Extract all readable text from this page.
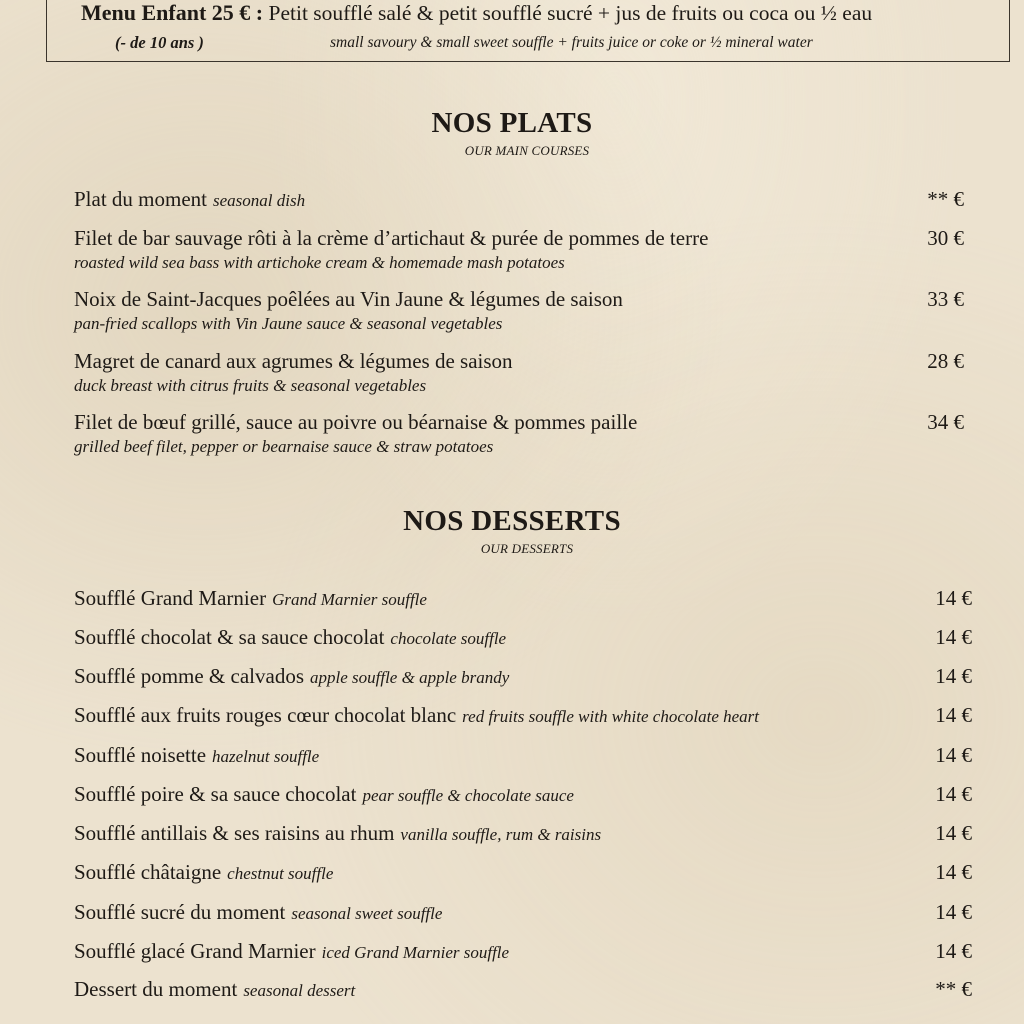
Menu Enfant 25 € : Petit soufflé salé & petit soufflé sucré + jus de fruits ou coca ou ½ eau
(- de 10 ans )	small savoury & small sweet souffle + fruits juice or coke or ½ mineral water
NOS PLATS
OUR MAIN COURSES
Plat du moment seasonal dish	** €
Filet de bar sauvage rôti à la crème d’artichaut & purée de pommes de terre
roasted wild sea bass with artichoke cream & homemade mash potatoes
30 €
Noix de Saint-Jacques poêlées au Vin Jaune & légumes de saison
pan-fried scallops with Vin Jaune sauce & seasonal vegetables
33 €
Magret de canard aux agrumes & légumes de saison
duck breast with citrus fruits & seasonal vegetables
28 €
Filet de bœuf grillé, sauce au poivre ou béarnaise & pommes paille
grilled beef filet, pepper or bearnaise sauce & straw potatoes
34 €
NOS DESSERTS
OUR DESSERTS
Soufflé Grand Marnier Grand Marnier souffle	14 €
Soufflé chocolat & sa sauce chocolat chocolate souffle	14 €
Soufflé pomme & calvados apple souffle & apple brandy	14 €
Soufflé aux fruits rouges cœur chocolat blanc red fruits souffle with white chocolate heart	14 €
Soufflé noisette hazelnut souffle	14 €
Soufflé poire & sa sauce chocolat pear souffle & chocolate sauce	14 €
Soufflé antillais & ses raisins au rhum vanilla souffle, rum & raisins	14 €
Soufflé châtaigne chestnut souffle	14 €
Soufflé sucré du moment seasonal sweet souffle	14 €
Soufflé glacé Grand Marnier iced Grand Marnier souffle	14 €
Dessert du moment seasonal dessert	** €
